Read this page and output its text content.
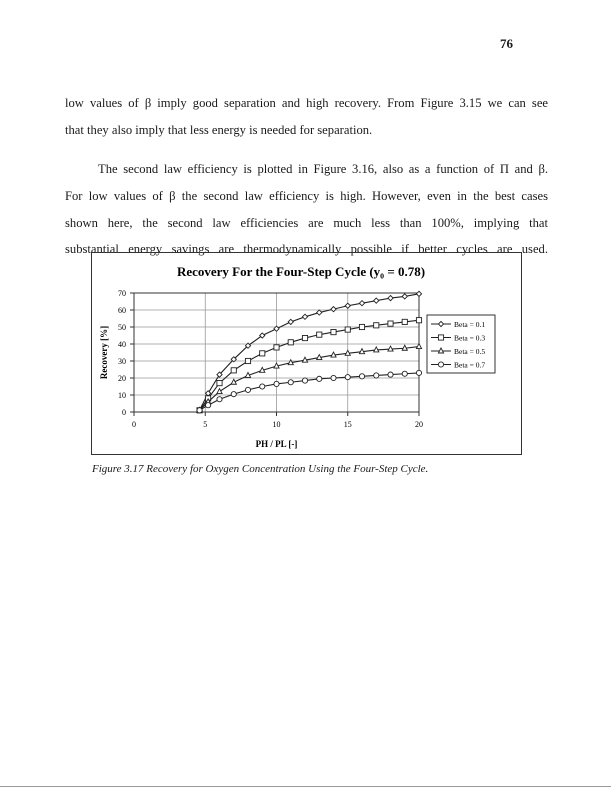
76
low values of β imply good separation and high recovery. From Figure 3.15 we can see
that they also imply that less energy is needed for separation.
The second law efficiency is plotted in Figure 3.16, also as a function of Π and β.
For low values of β the second law efficiency is high. However, even in the best cases
shown here, the second law efficiencies are much less than 100%, implying that
substantial energy savings are thermodynamically possible if better cycles are used.
Recovery For the Four-Step Cycle (y₀ = 0.78)
0
10
20
30
40
50
60
70
0	5	10	15	20
PH / PL [-]
Recovery [%]
Beta = 0.1
Beta = 0.3
Beta = 0.5
Beta = 0.7
Figure 3.17 Recovery for Oxygen Concentration Using the Four-Step Cycle.
